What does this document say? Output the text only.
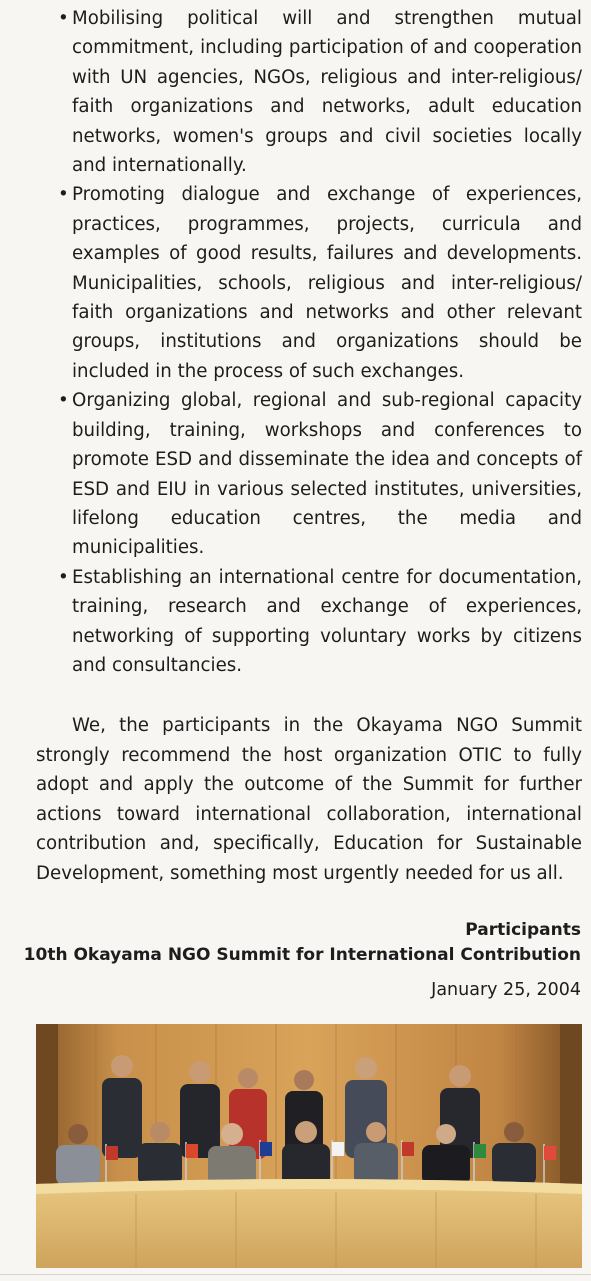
• Mobilising political will and strengthen mutual commitment, including participation of and cooperation with UN agencies, NGOs, religious and inter-religious/ faith organizations and networks, adult education networks, women's groups and civil societies locally and internationally.
• Promoting dialogue and exchange of experiences, practices, programmes, projects, curricula and examples of good results, failures and developments. Municipalities, schools, religious and inter-religious/ faith organizations and networks and other relevant groups, institutions and organizations should be included in the process of such exchanges.
• Organizing global, regional and sub-regional capacity building, training, workshops and conferences to promote ESD and disseminate the idea and concepts of ESD and EIU in various selected institutes, universities, lifelong education centres, the media and municipalities.
• Establishing an international centre for documentation, training, research and exchange of experiences, networking of supporting voluntary works by citizens and consultancies.

We, the participants in the Okayama NGO Summit strongly recommend the host organization OTIC to fully adopt and apply the outcome of the Summit for further actions toward international collaboration, international contribution and, specifically, Education for Sustainable Development, something most urgently needed for us all.

Participants
10th Okayama NGO Summit for International Contribution
January 25, 2004
